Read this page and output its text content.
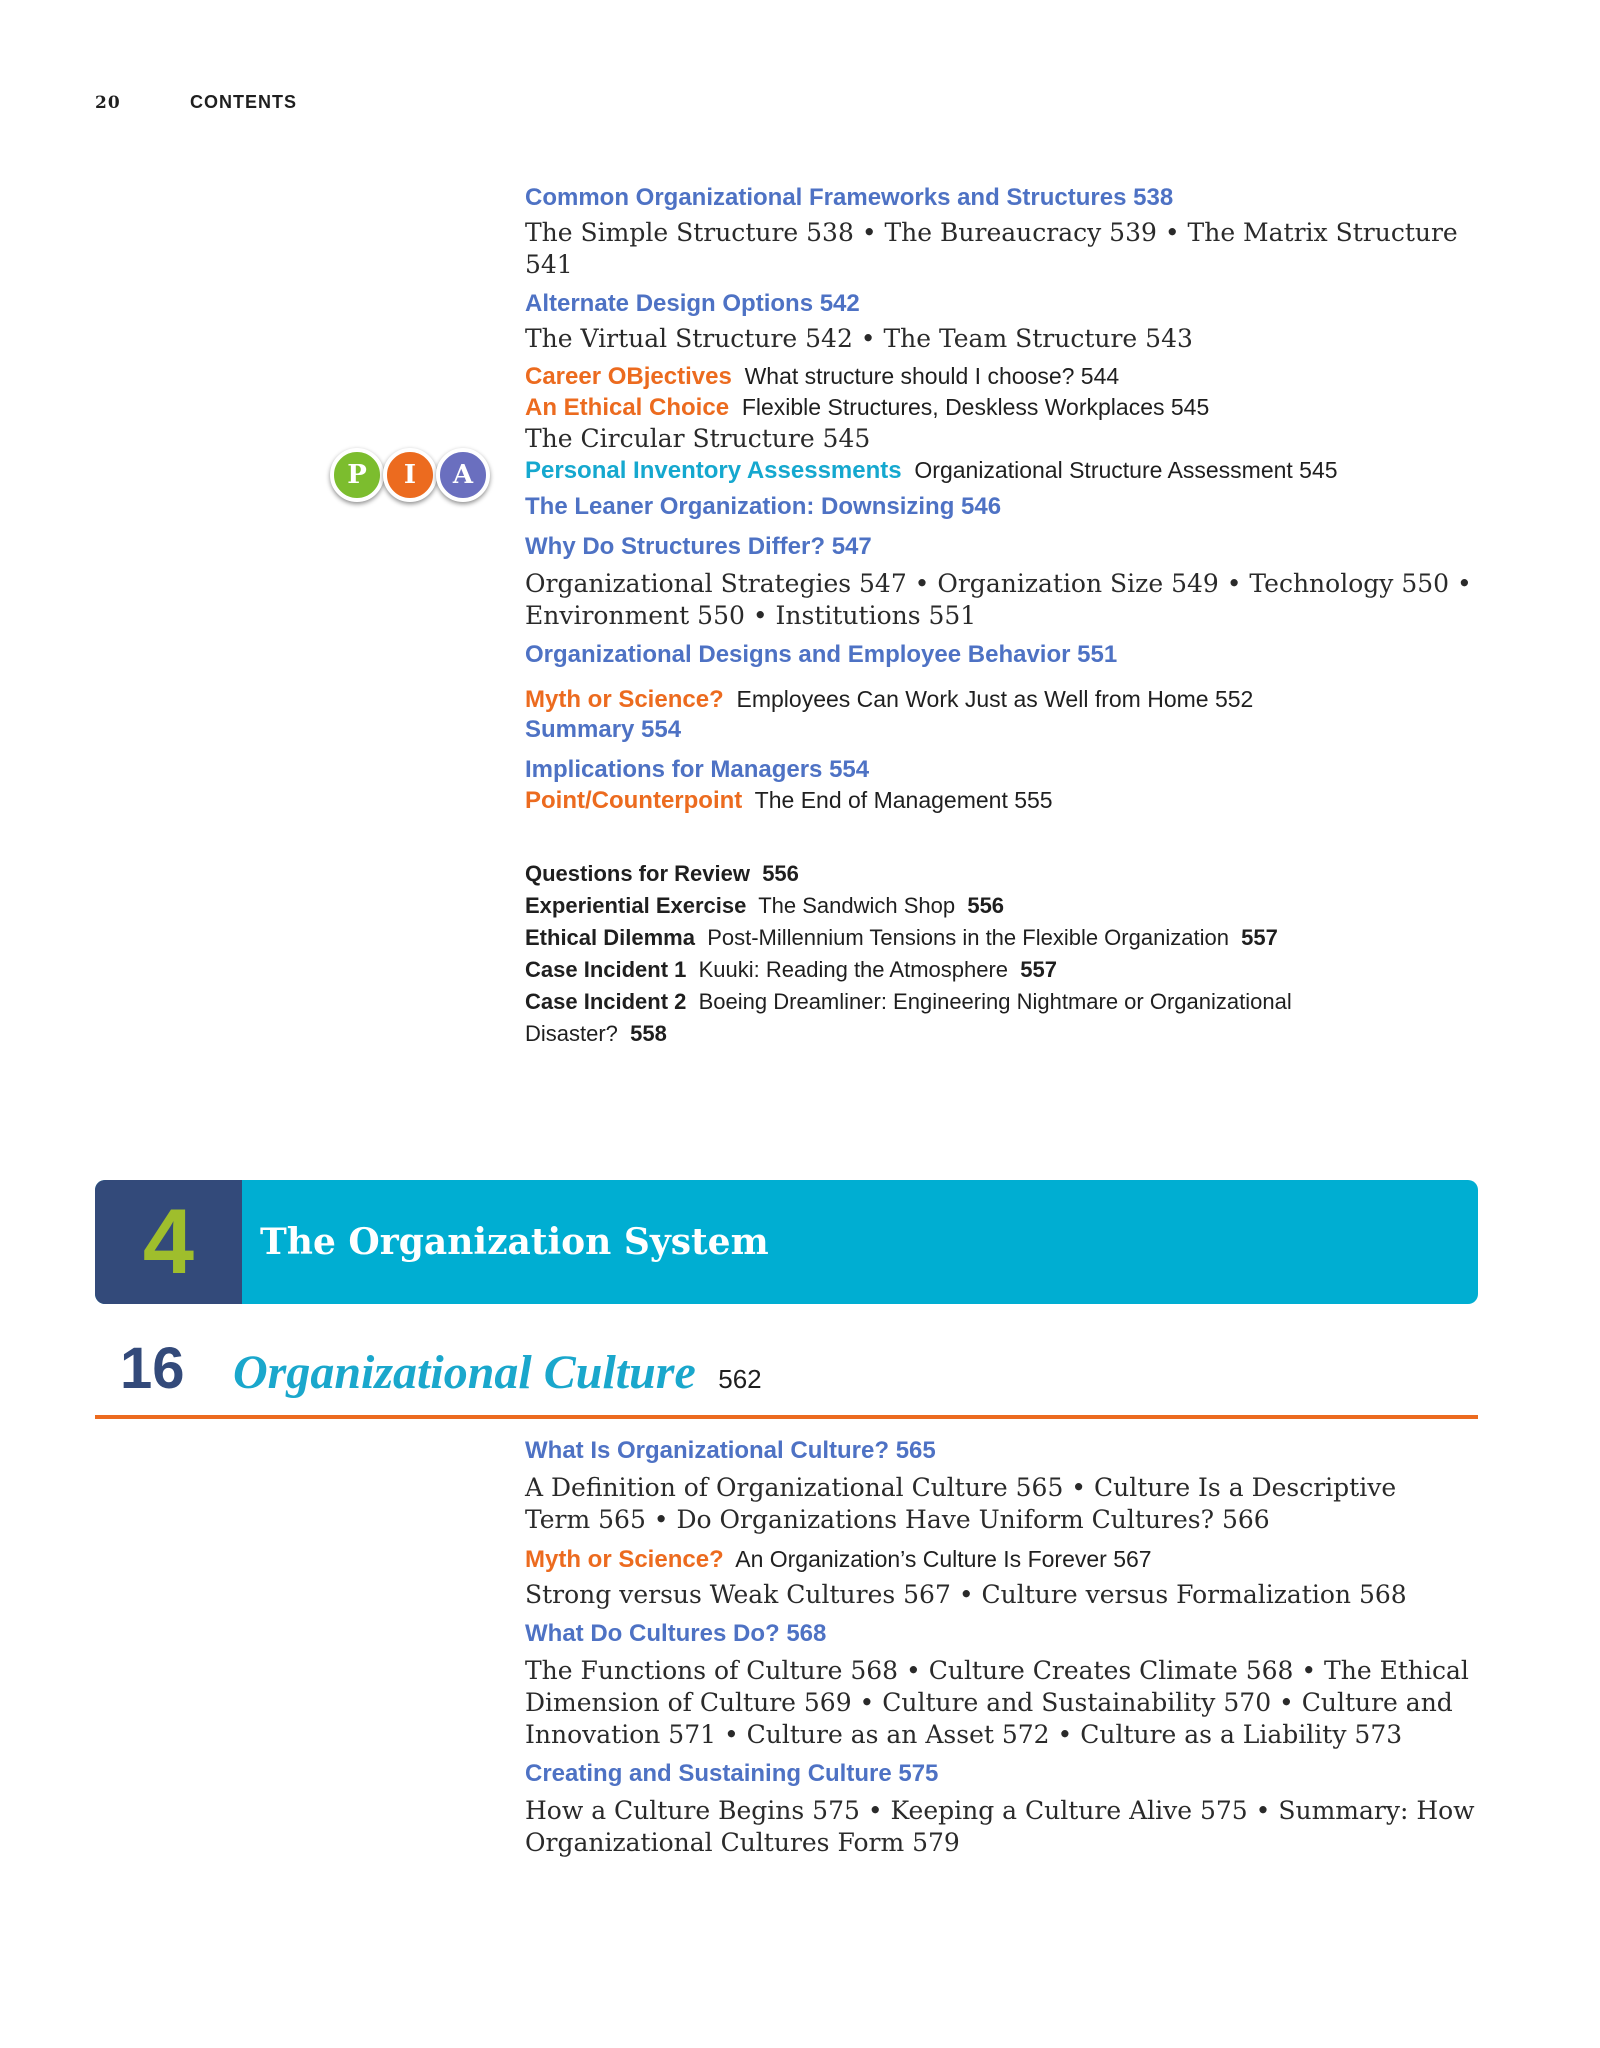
20	CONTENTS
Common Organizational Frameworks and Structures 538
The Simple Structure 538 • The Bureaucracy 539 • The Matrix Structure 541
Alternate Design Options 542
The Virtual Structure 542 • The Team Structure 543
Career OBjectives What structure should I choose? 544
An Ethical Choice Flexible Structures, Deskless Workplaces 545
The Circular Structure 545
Personal Inventory Assessments Organizational Structure Assessment 545
The Leaner Organization: Downsizing 546
Why Do Structures Differ? 547
Organizational Strategies 547 • Organization Size 549 • Technology 550 •
Environment 550 • Institutions 551
Organizational Designs and Employee Behavior 551
Myth or Science? Employees Can Work Just as Well from Home 552
Summary 554
Implications for Managers 554
Point/Counterpoint The End of Management 555
Questions for Review 556
Experiential Exercise The Sandwich Shop 556
Ethical Dilemma Post-Millennium Tensions in the Flexible Organization 557
Case Incident 1 Kuuki: Reading the Atmosphere 557
Case Incident 2 Boeing Dreamliner: Engineering Nightmare or Organizational
Disaster? 558
P	I	A
4	The Organization System
16 Organizational Culture 562
What Is Organizational Culture? 565
A Definition of Organizational Culture 565 • Culture Is a Descriptive
Term 565 • Do Organizations Have Uniform Cultures? 566
Myth or Science? An Organization’s Culture Is Forever 567
Strong versus Weak Cultures 567 • Culture versus Formalization 568
What Do Cultures Do? 568
The Functions of Culture 568 • Culture Creates Climate 568 • The Ethical
Dimension of Culture 569 • Culture and Sustainability 570 • Culture and
Innovation 571 • Culture as an Asset 572 • Culture as a Liability 573
Creating and Sustaining Culture 575
How a Culture Begins 575 • Keeping a Culture Alive 575 • Summary: How
Organizational Cultures Form 579
